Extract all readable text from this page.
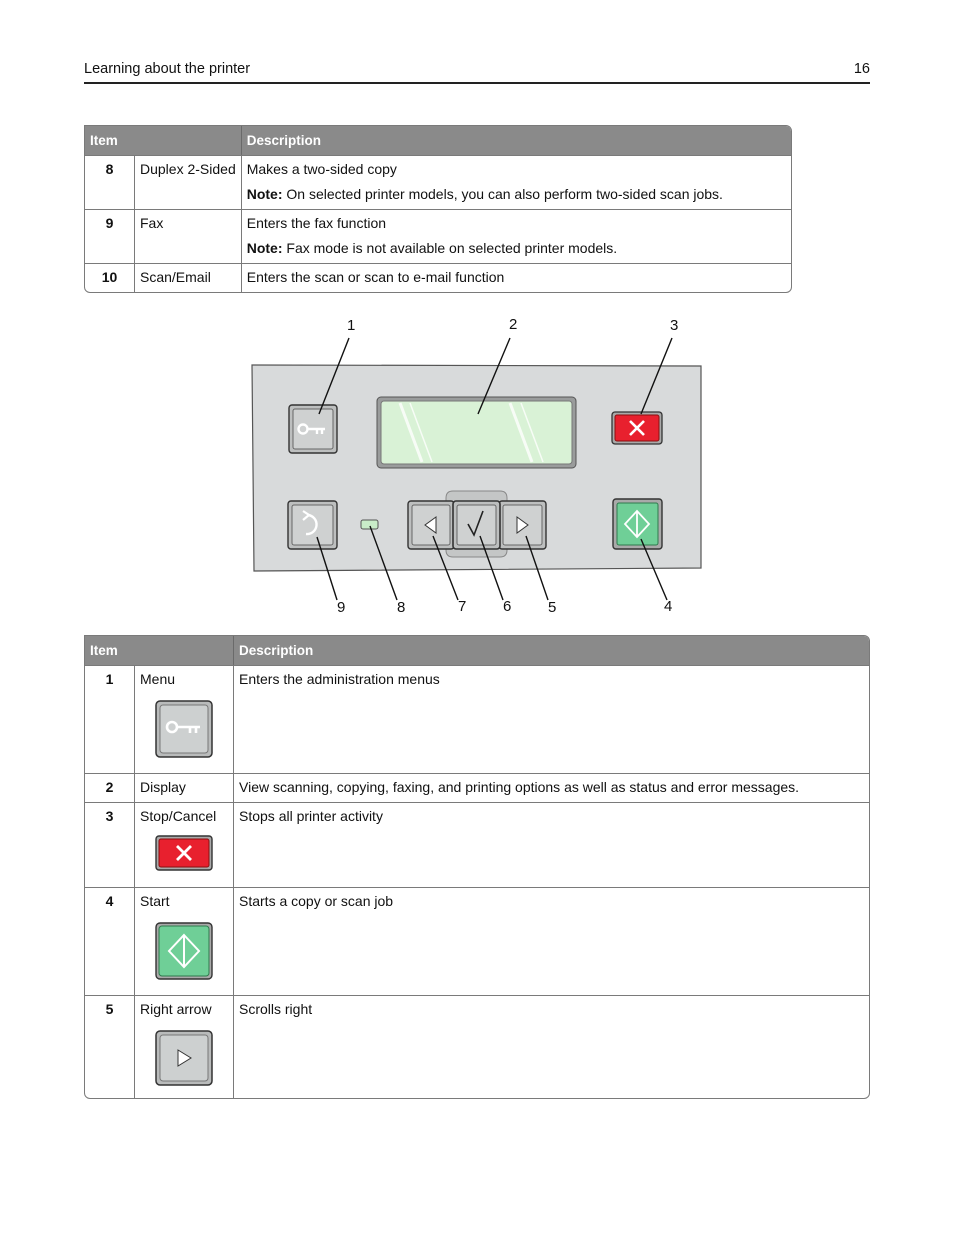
Learning about the printer	16
Item		Description
8	Duplex 2-Sided	Makes a two-sided copy
Note: On selected printer models, you can also perform two-sided scan jobs.

9	Fax	Enters the fax function
Note: Fax mode is not available on selected printer models.

10	Scan/Email	Enters the scan or scan to e-mail function
1	2	3
4
5
6
7
8
9
Item		Description
1	Menu	Enters the administration menus
2	Display	View scanning, copying, faxing, and printing options as well as status and error messages.
3	Stop/Cancel	Stops all printer activity
4	Start	Starts a copy or scan job
5	Right arrow	Scrolls right
